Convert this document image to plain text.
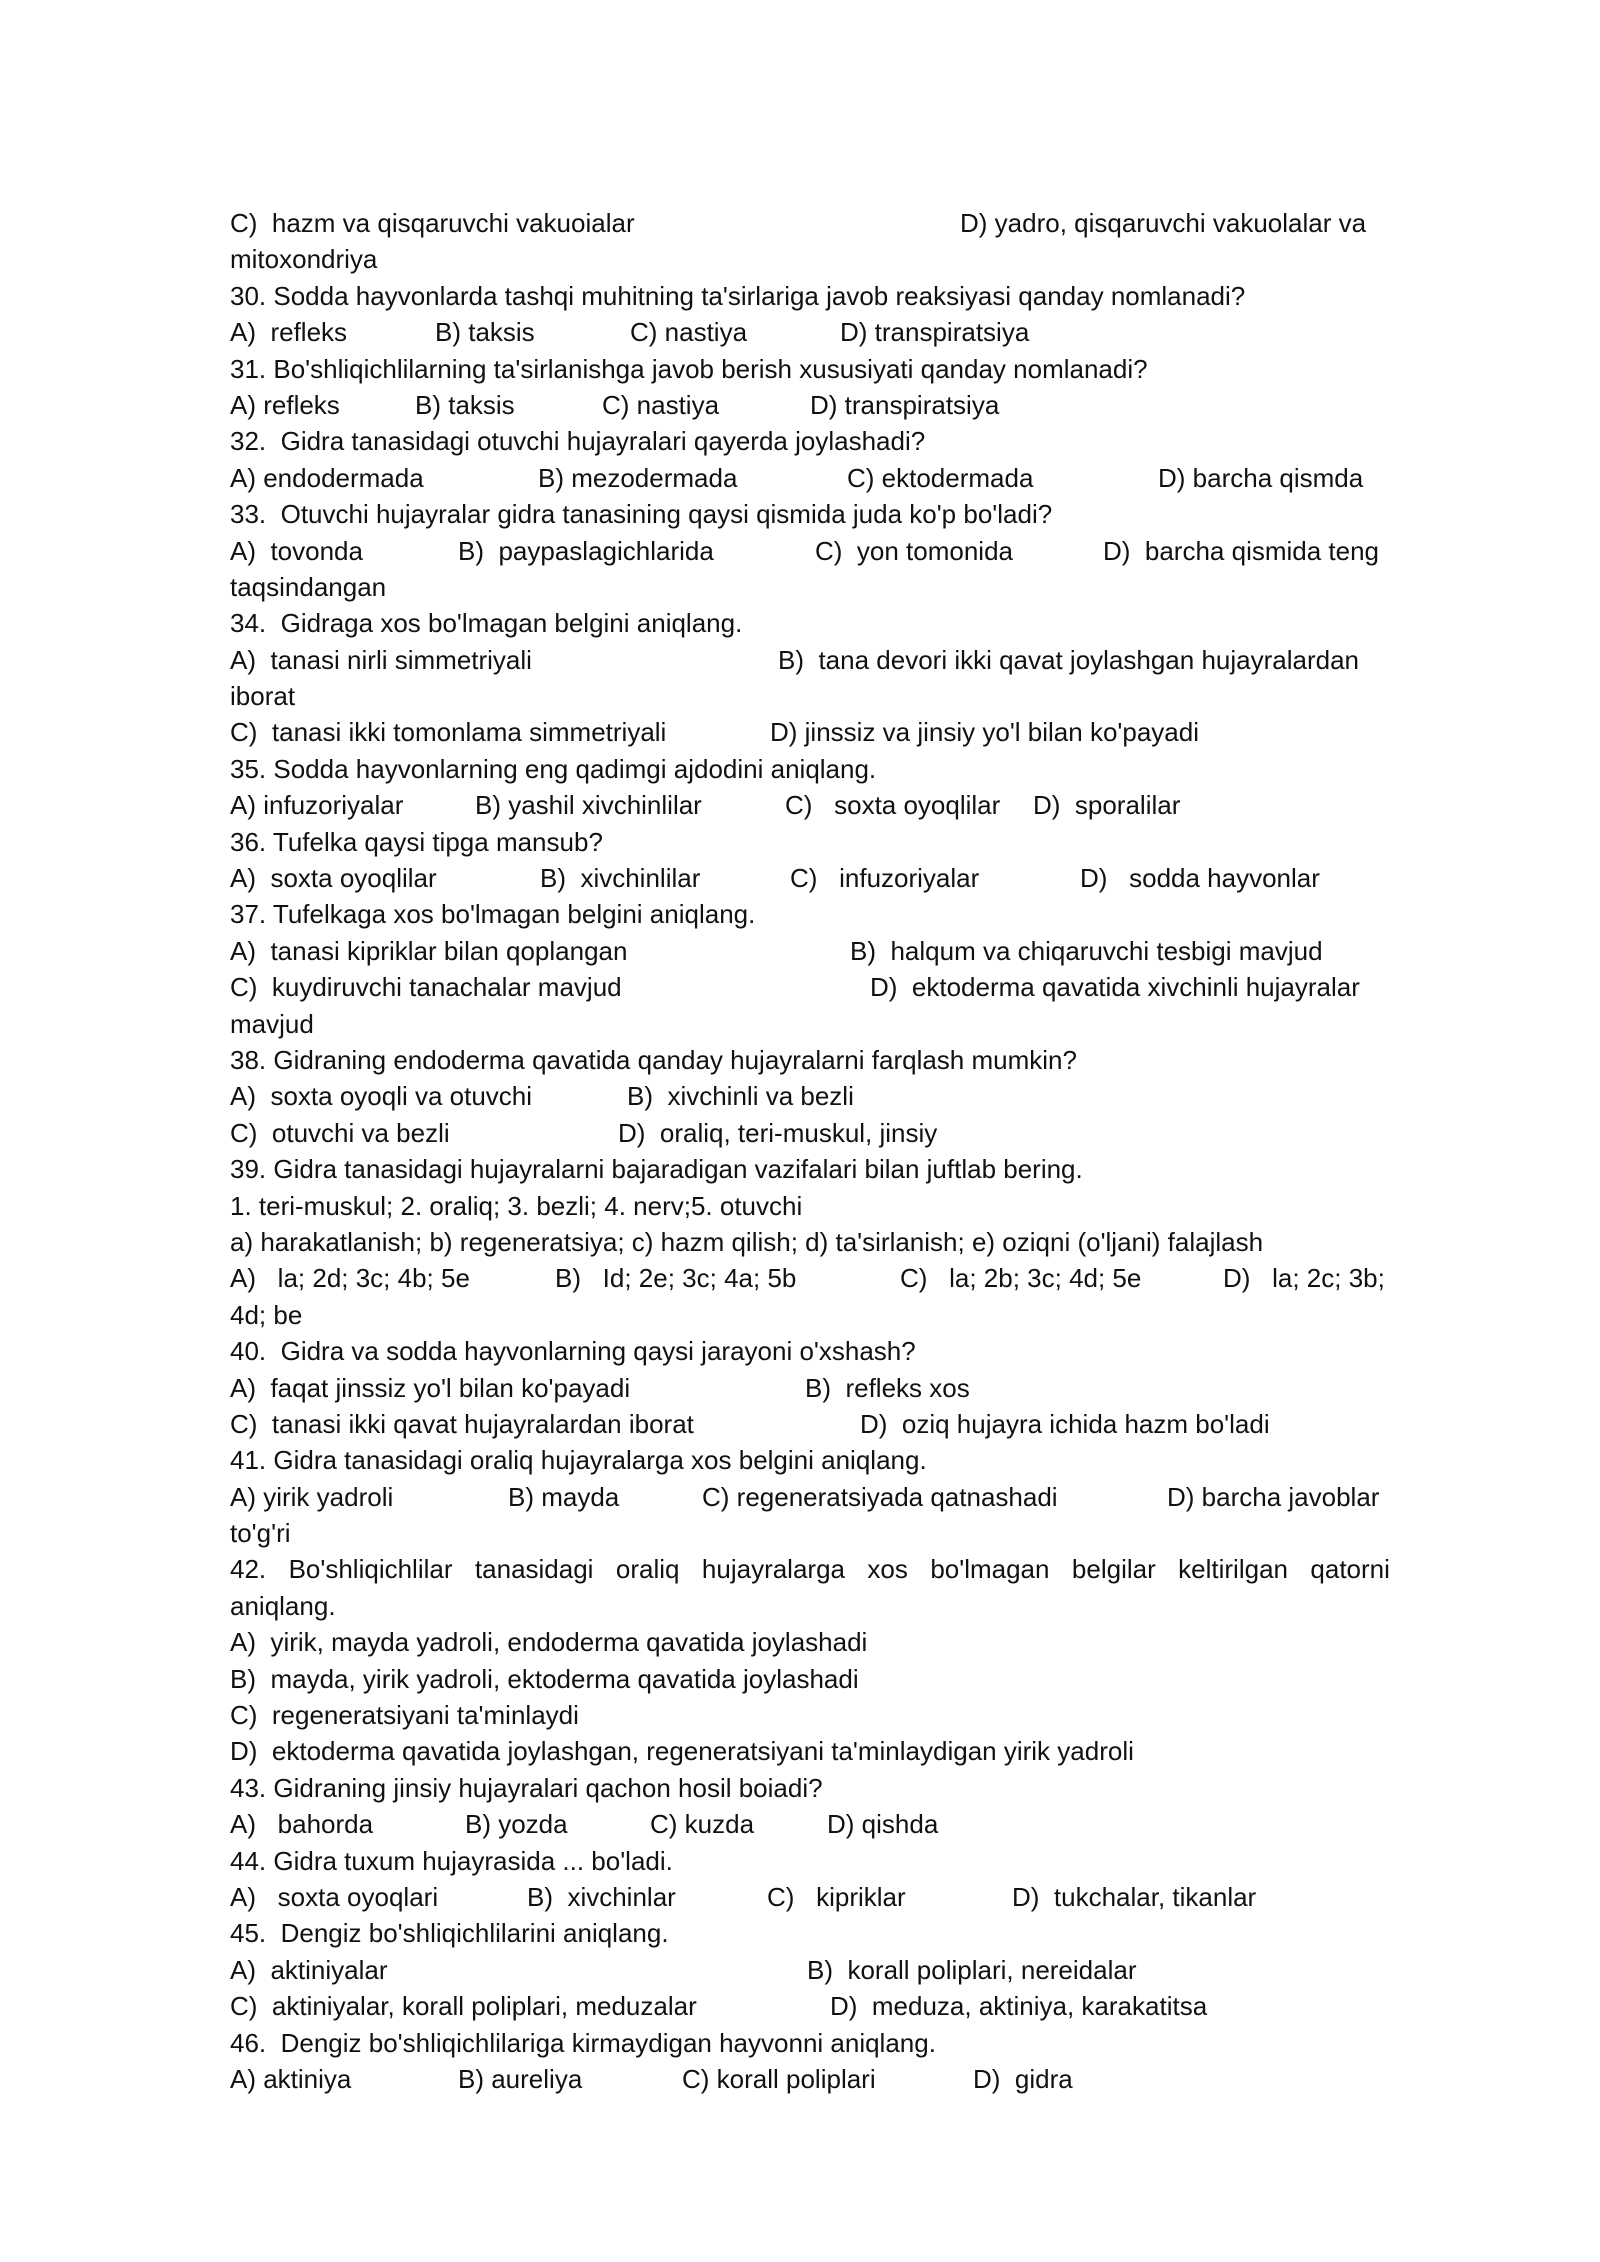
C)  hazm va qisqaruvchi vakuoialar	D) yadro, qisqaruvchi vakuolalar va
mitoxondriya
30. Sodda hayvonlarda tashqi muhitning ta'sirlariga javob reaksiyasi qanday nomlanadi?
A)  refleks	B) taksis	C) nastiya	D) transpiratsiya
31. Bo'shliqichlilarning ta'sirlanishga javob berish xususiyati qanday nomlanadi?
A) refleks	B) taksis	C) nastiya	D) transpiratsiya
32.  Gidra tanasidagi otuvchi hujayralari qayerda joylashadi?
A) endodermada	B) mezodermada	C) ektodermada	D) barcha qismda
33.  Otuvchi hujayralar gidra tanasining qaysi qismida juda ko'p bo'ladi?
A)  tovonda	B)  paypaslagichlarida	C)  yon tomonida	D)  barcha qismida teng
taqsindangan
34.  Gidraga xos bo'lmagan belgini aniqlang.
A)  tanasi nirli simmetriyali	B)  tana devori ikki qavat joylashgan hujayralardan
iborat
C)  tanasi ikki tomonlama simmetriyali	D) jinssiz va jinsiy yo'l bilan ko'payadi
35. Sodda hayvonlarning eng qadimgi ajdodini aniqlang.
A) infuzoriyalar	B) yashil xivchinlilar	C)   soxta oyoqlilar D)  sporalilar
36. Tufelka qaysi tipga mansub?
A)  soxta oyoqlilar	B)  xivchinlilar	C)   infuzoriyalar	D)   sodda hayvonlar
37. Tufelkaga xos bo'lmagan belgini aniqlang.
A)  tanasi kipriklar bilan qoplangan	B)  halqum va chiqaruvchi tesbigi mavjud
C)  kuydiruvchi tanachalar mavjud	D)  ektoderma qavatida xivchinli hujayralar
mavjud
38. Gidraning endoderma qavatida qanday hujayralarni farqlash mumkin?
A)  soxta oyoqli va otuvchi	B)  xivchinli va bezli
C)  otuvchi va bezli	D)  oraliq, teri-muskul, jinsiy
39. Gidra tanasidagi hujayralarni bajaradigan vazifalari bilan juftlab bering.
1. teri-muskul; 2. oraliq; 3. bezli; 4. nerv;5. otuvchi
a) harakatlanish; b) regeneratsiya; c) hazm qilish; d) ta'sirlanish; e) oziqni (o'ljani) falajlash
A)   la; 2d; 3c; 4b; 5e	B)   Id; 2e; 3c; 4a; 5b	C)   la; 2b; 3c; 4d; 5e	D)   la; 2c; 3b;
4d; be
40.  Gidra va sodda hayvonlarning qaysi jarayoni o'xshash?
A)  faqat jinssiz yo'l bilan ko'payadi	B)  refleks xos
C)  tanasi ikki qavat hujayralardan iborat	D)  oziq hujayra ichida hazm bo'ladi
41. Gidra tanasidagi oraliq hujayralarga xos belgini aniqlang.
A) yirik yadroli	B) mayda	C) regeneratsiyada qatnashadi	D) barcha javoblar
to'g'ri
42. Bo'shliqichlilar tanasidagi oraliq hujayralarga xos bo'lmagan belgilar keltirilgan qatorni
aniqlang.
A)  yirik, mayda yadroli, endoderma qavatida joylashadi
B)  mayda, yirik yadroli, ektoderma qavatida joylashadi
C)  regeneratsiyani ta'minlaydi
D)  ektoderma qavatida joylashgan, regeneratsiyani ta'minlaydigan yirik yadroli
43. Gidraning jinsiy hujayralari qachon hosil boiadi?
A)   bahorda	B) yozda	C) kuzda	D) qishda
44. Gidra tuxum hujayrasida ... bo'ladi.
A)   soxta oyoqlari	B)  xivchinlar	C)   kipriklar	D)  tukchalar, tikanlar
45.  Dengiz bo'shliqichlilarini aniqlang.
A)  aktiniyalar	B)  korall poliplari, nereidalar
C)  aktiniyalar, korall poliplari, meduzalar	D)  meduza, aktiniya, karakatitsa
46.  Dengiz bo'shliqichlilariga kirmaydigan hayvonni aniqlang.
A) aktiniya	B) aureliya	C) korall poliplari	D)  gidra
